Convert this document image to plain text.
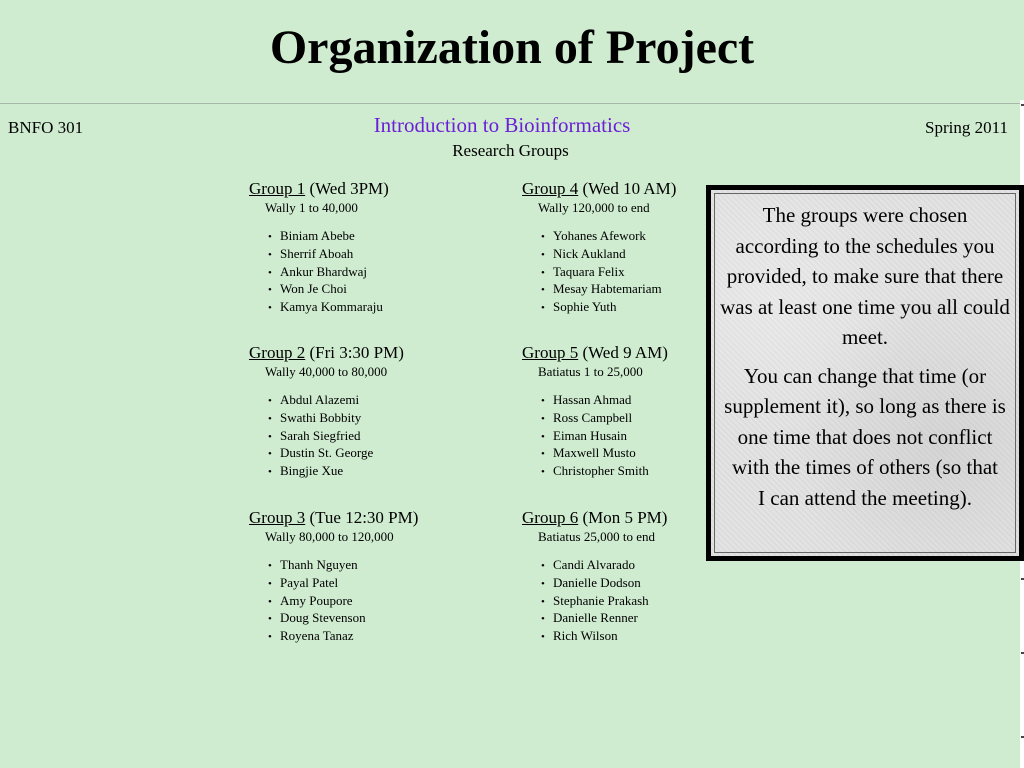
Organization of Project
BNFO 301	Introduction to Bioinformatics
Research Groups
Spring 2011
Group 1 (Wed 3PM)
Wally 1 to 40,000
• Biniam Abebe
• Sherrif Aboah
• Ankur Bhardwaj
• Won Je Choi
• Kamya Kommaraju
Group 2 (Fri 3:30 PM)
Wally 40,000 to 80,000
• Abdul Alazemi
• Swathi Bobbity
• Sarah Siegfried
• Dustin St. George
• Bingjie Xue
Group 3 (Tue 12:30 PM)
Wally 80,000 to 120,000
• Thanh Nguyen
• Payal Patel
• Amy Poupore
• Doug Stevenson
• Royena Tanaz
Group 4 (Wed 10 AM)
Wally 120,000 to end
• Yohanes Afework
• Nick Aukland
• Taquara Felix
• Mesay Habtemariam
• Sophie Yuth
Group 5 (Wed 9 AM)
Batiatus 1 to 25,000
• Hassan Ahmad
• Ross Campbell
• Eiman Husain
• Maxwell Musto
• Christopher Smith
Group 6 (Mon 5 PM)
Batiatus 25,000 to end
• Candi Alvarado
• Danielle Dodson
• Stephanie Prakash
• Danielle Renner
• Rich Wilson

The groups were chosen according to the schedules you provided, to make sure that there was at least one time you all could meet.

You can change that time (or supplement it), so long as there is one time that does not conflict with the times of others (so that
I can attend the meeting).
